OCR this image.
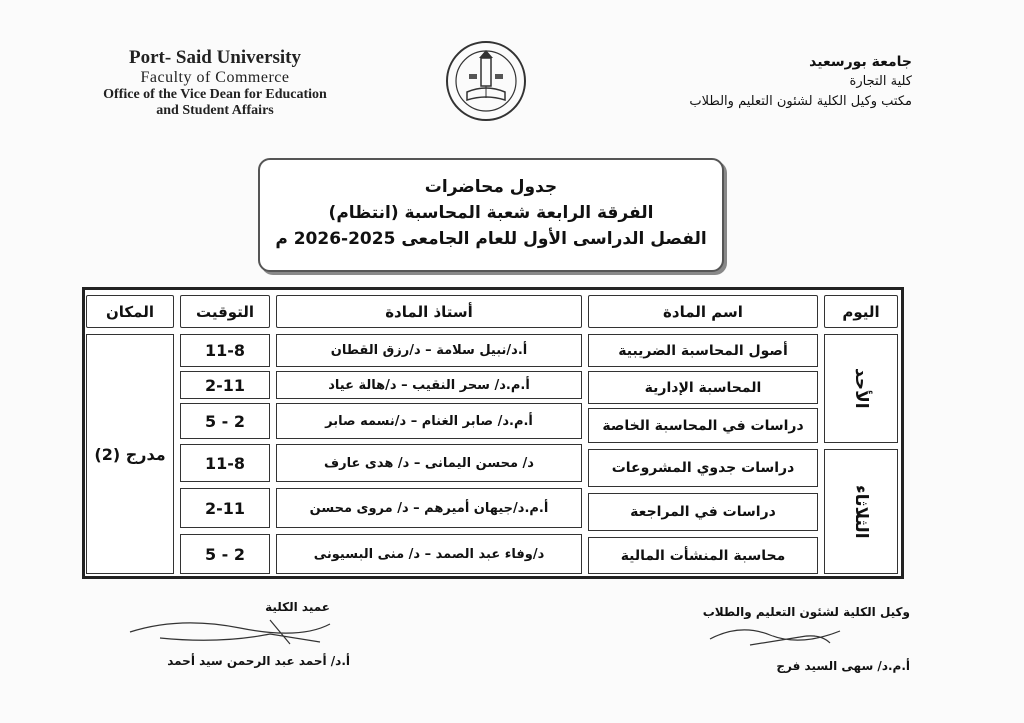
Port- Said University
Faculty of Commerce
Office of the Vice Dean for Education
and Student Affairs
جامعة بورسعيد
كلية التجارة
مكتب وكيل الكلية لشئون التعليم والطلاب
جدول محاضرات
الفرقة الرابعة شعبة المحاسبة (انتظام)
الفصل الدراسى الأول للعام الجامعى 2025-2026 م
اليوم
اسم المادة
أستاذ المادة
التوقيت
المكان
الأحد
الثلاثاء
مدرج (2)
أصول المحاسبة الضريبية
أ.د/نبيل سلامة – د/رزق القطان
11-8
المحاسبة الإدارية
أ.م.د/ سحر النقيب – د/هالة عياد
2-11
دراسات في المحاسبة الخاصة
أ.م.د/ صابر الغنام – د/نسمه صابر
5 - 2
دراسات جدوي المشروعات
د/ محسن اليمانى – د/ هدى عارف
11-8
دراسات في المراجعة
أ.م.د/جيهان أميرهم – د/ مروى محسن
2-11
محاسبة المنشأت المالية
د/وفاء عبد الصمد – د/ منى البسيونى
5 - 2
عميد الكلية
أ.د/ أحمد عبد الرحمن سيد أحمد
وكيل الكلية لشئون التعليم والطلاب
أ.م.د/ سهى السيد فرج
